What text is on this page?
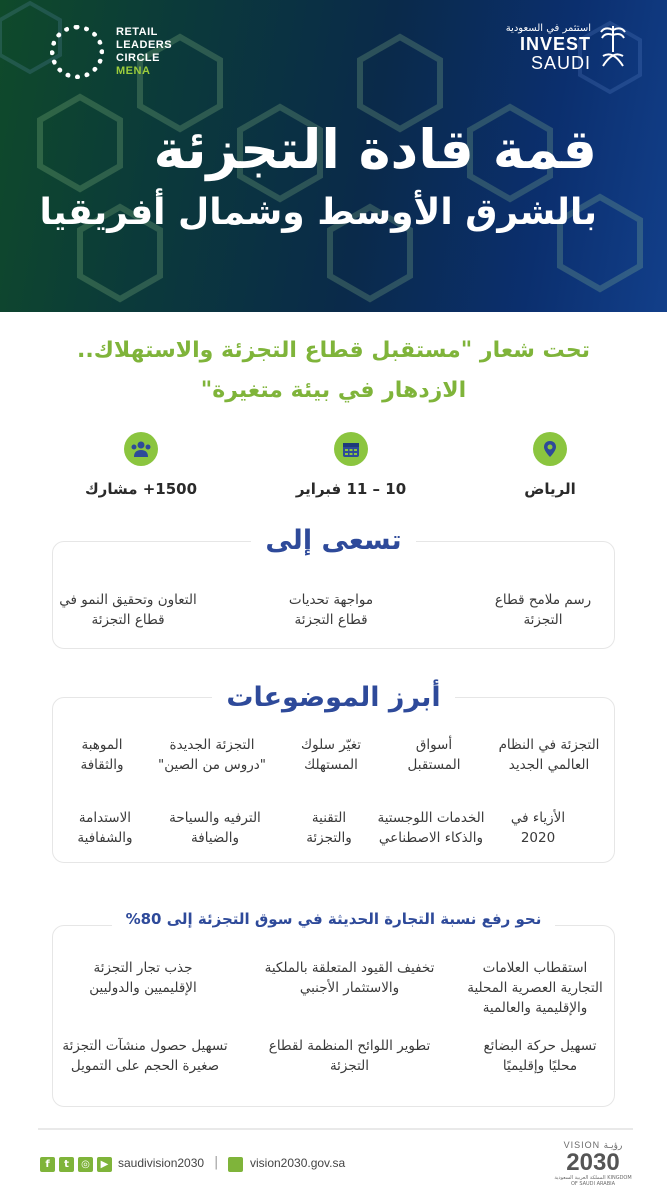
RETAIL
LEADERS
CIRCLE
MENA
استثمر في السعودية
INVEST
SAUDI
قمة قادة التجزئة
بالشرق الأوسط وشمال أفريقيا
تحت شعار "مستقبل قطاع التجزئة والاستهلاك..
الازدهار في بيئة متغيرة"
الرياض
10 – 11 فبراير
1500+ مشارك
تسعى إلى
رسم ملامح قطاع التجزئة
مواجهة تحديات قطاع التجزئة
التعاون وتحقيق النمو في قطاع التجزئة
أبرز الموضوعات
التجزئة في النظام العالمي الجديد
أسواق المستقبل
تغيّر سلوك المستهلك
التجزئة الجديدة "دروس من الصين"
الموهبة والثقافة
الأزياء في 2020
الخدمات اللوجستية والذكاء الاصطناعي
التقنية والتجزئة
الترفيه والسياحة والضيافة
الاستدامة والشفافية
نحو رفع نسبة التجارة الحديثة في سوق التجزئة إلى 80%
استقطاب العلامات التجارية العصرية المحلية والإقليمية والعالمية
تخفيف القيود المتعلقة بالملكية والاستثمار الأجنبي
جذب تجار التجزئة الإقليميين والدوليين
تسهيل حركة البضائع محليًا وإقليميًا
تطوير اللوائح المنظمة لقطاع التجزئة
تسهيل حصول منشآت التجزئة صغيرة الحجم على التمويل
f	t	◎	▶ saudivision2030 |	vision2030.gov.sa
VISION رؤيـة
2030
المملكة العربية السعودية KINGDOM OF SAUDI ARABIA
